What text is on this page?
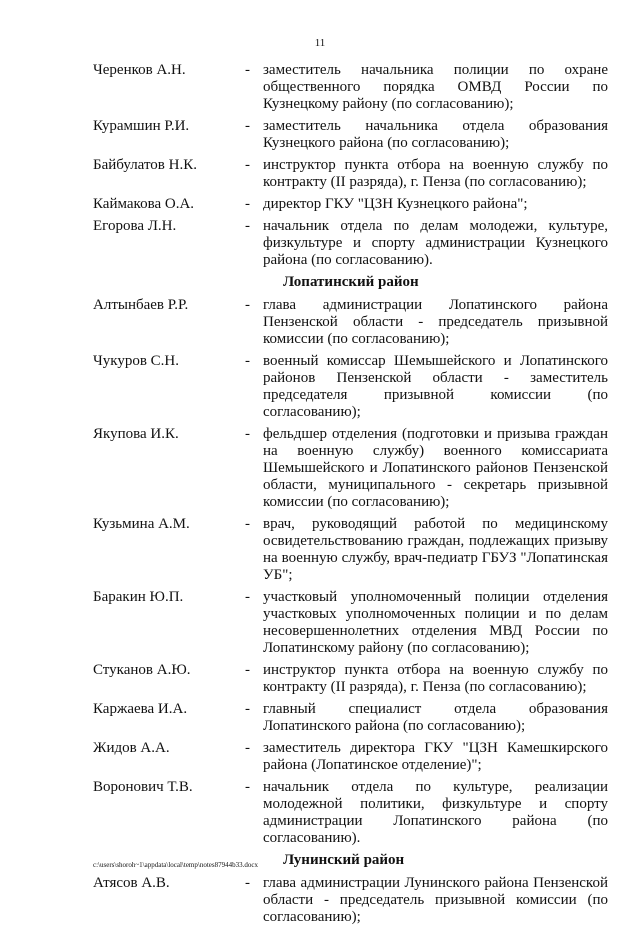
11
Черенков А.Н.	- заместитель начальника полиции по охране общественного порядка ОМВД России по Кузнецкому району (по согласованию);
Курамшин Р.И.	- заместитель начальника отдела образования Кузнецкого района (по согласованию);
Байбулатов Н.К.	- инструктор пункта отбора на военную службу по контракту (II разряда), г. Пенза (по согласованию);
Каймакова О.А.	- директор ГКУ "ЦЗН Кузнецкого района";
Егорова Л.Н.	- начальник отдела по делам молодежи, культуре, физкультуре и спорту администрации Кузнецкого района (по согласованию).
Лопатинский район
Алтынбаев Р.Р.	- глава администрации Лопатинского района Пензенской области - председатель призывной комиссии (по согласованию);
Чукуров С.Н.	- военный комиссар Шемышейского и Лопатинского районов Пензенской области - заместитель председателя призывной комиссии (по согласованию);
Якупова И.К.	- фельдшер отделения (подготовки и призыва граждан на военную службу) военного комиссариата Шемышейского и Лопатинского районов Пензенской области, муниципального - секретарь призывной комиссии (по согласованию);
Кузьмина А.М.	- врач, руководящий работой по медицинскому освидетельствованию граждан, подлежащих призыву на военную службу, врач-педиатр ГБУЗ "Лопатинская УБ";
Баракин Ю.П.	- участковый уполномоченный полиции отделения участковых уполномоченных полиции и по делам несовершеннолетних отделения МВД России по Лопатинскому району (по согласованию);
Стуканов А.Ю.	- инструктор пункта отбора на военную службу по контракту (II разряда), г. Пенза (по согласованию);
Каржаева И.А.	- главный специалист отдела образования Лопатинского района (по согласованию);
Жидов А.А.	- заместитель директора ГКУ "ЦЗН Камешкирского района (Лопатинское отделение)";
Воронович Т.В.	- начальник отдела по культуре, реализации молодежной политики, физкультуре и спорту администрации Лопатинского района (по согласованию).
Лунинский район
Атясов А.В.	- глава администрации Лунинского района Пензенской области - председатель призывной комиссии (по согласованию);
c:\users\shoroh~1\appdata\local\temp\notes87944b33.docx
